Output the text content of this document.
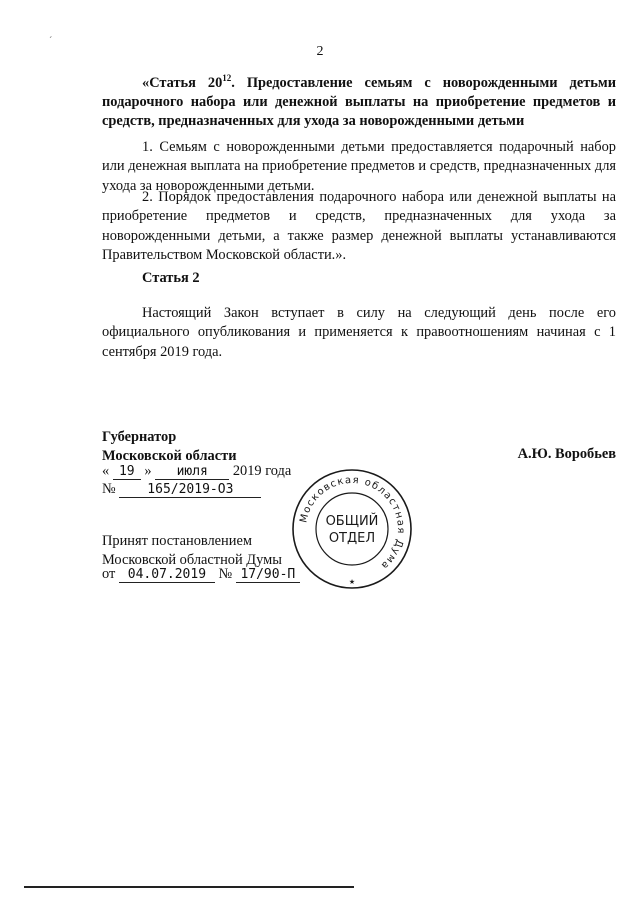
´
2
«Статья $20^{12}$. Предоставление семьям с новорожденными детьми подарочного набора или денежной выплаты на приобретение предметов и средств, предназначенных для ухода за новорожденными детьми
1. Семьям с новорожденными детьми предоставляется подарочный набор или денежная выплата на приобретение предметов и средств, предназначенных для ухода за новорожденными детьми.
2. Порядок предоставления подарочного набора или денежной выплаты на приобретение предметов и средств, предназначенных для ухода за новорожденными детьми, а также размер денежной выплаты устанавливаются Правительством Московской области.».
Статья 2
Настоящий Закон вступает в силу на следующий день после его официального опубликования и применяется к правоотношениям начиная с 1 сентября 2019 года.
Губернатор
Московской области	А.Ю. Воробьев
« 19 » июля 2019 года
№ 165/2019-ОЗ
Принят постановлением
Московской областной Думы
от 04.07.2019 № 17/90-П
Московская областная Дума
★
ОБЩИЙ
ОТДЕЛ
